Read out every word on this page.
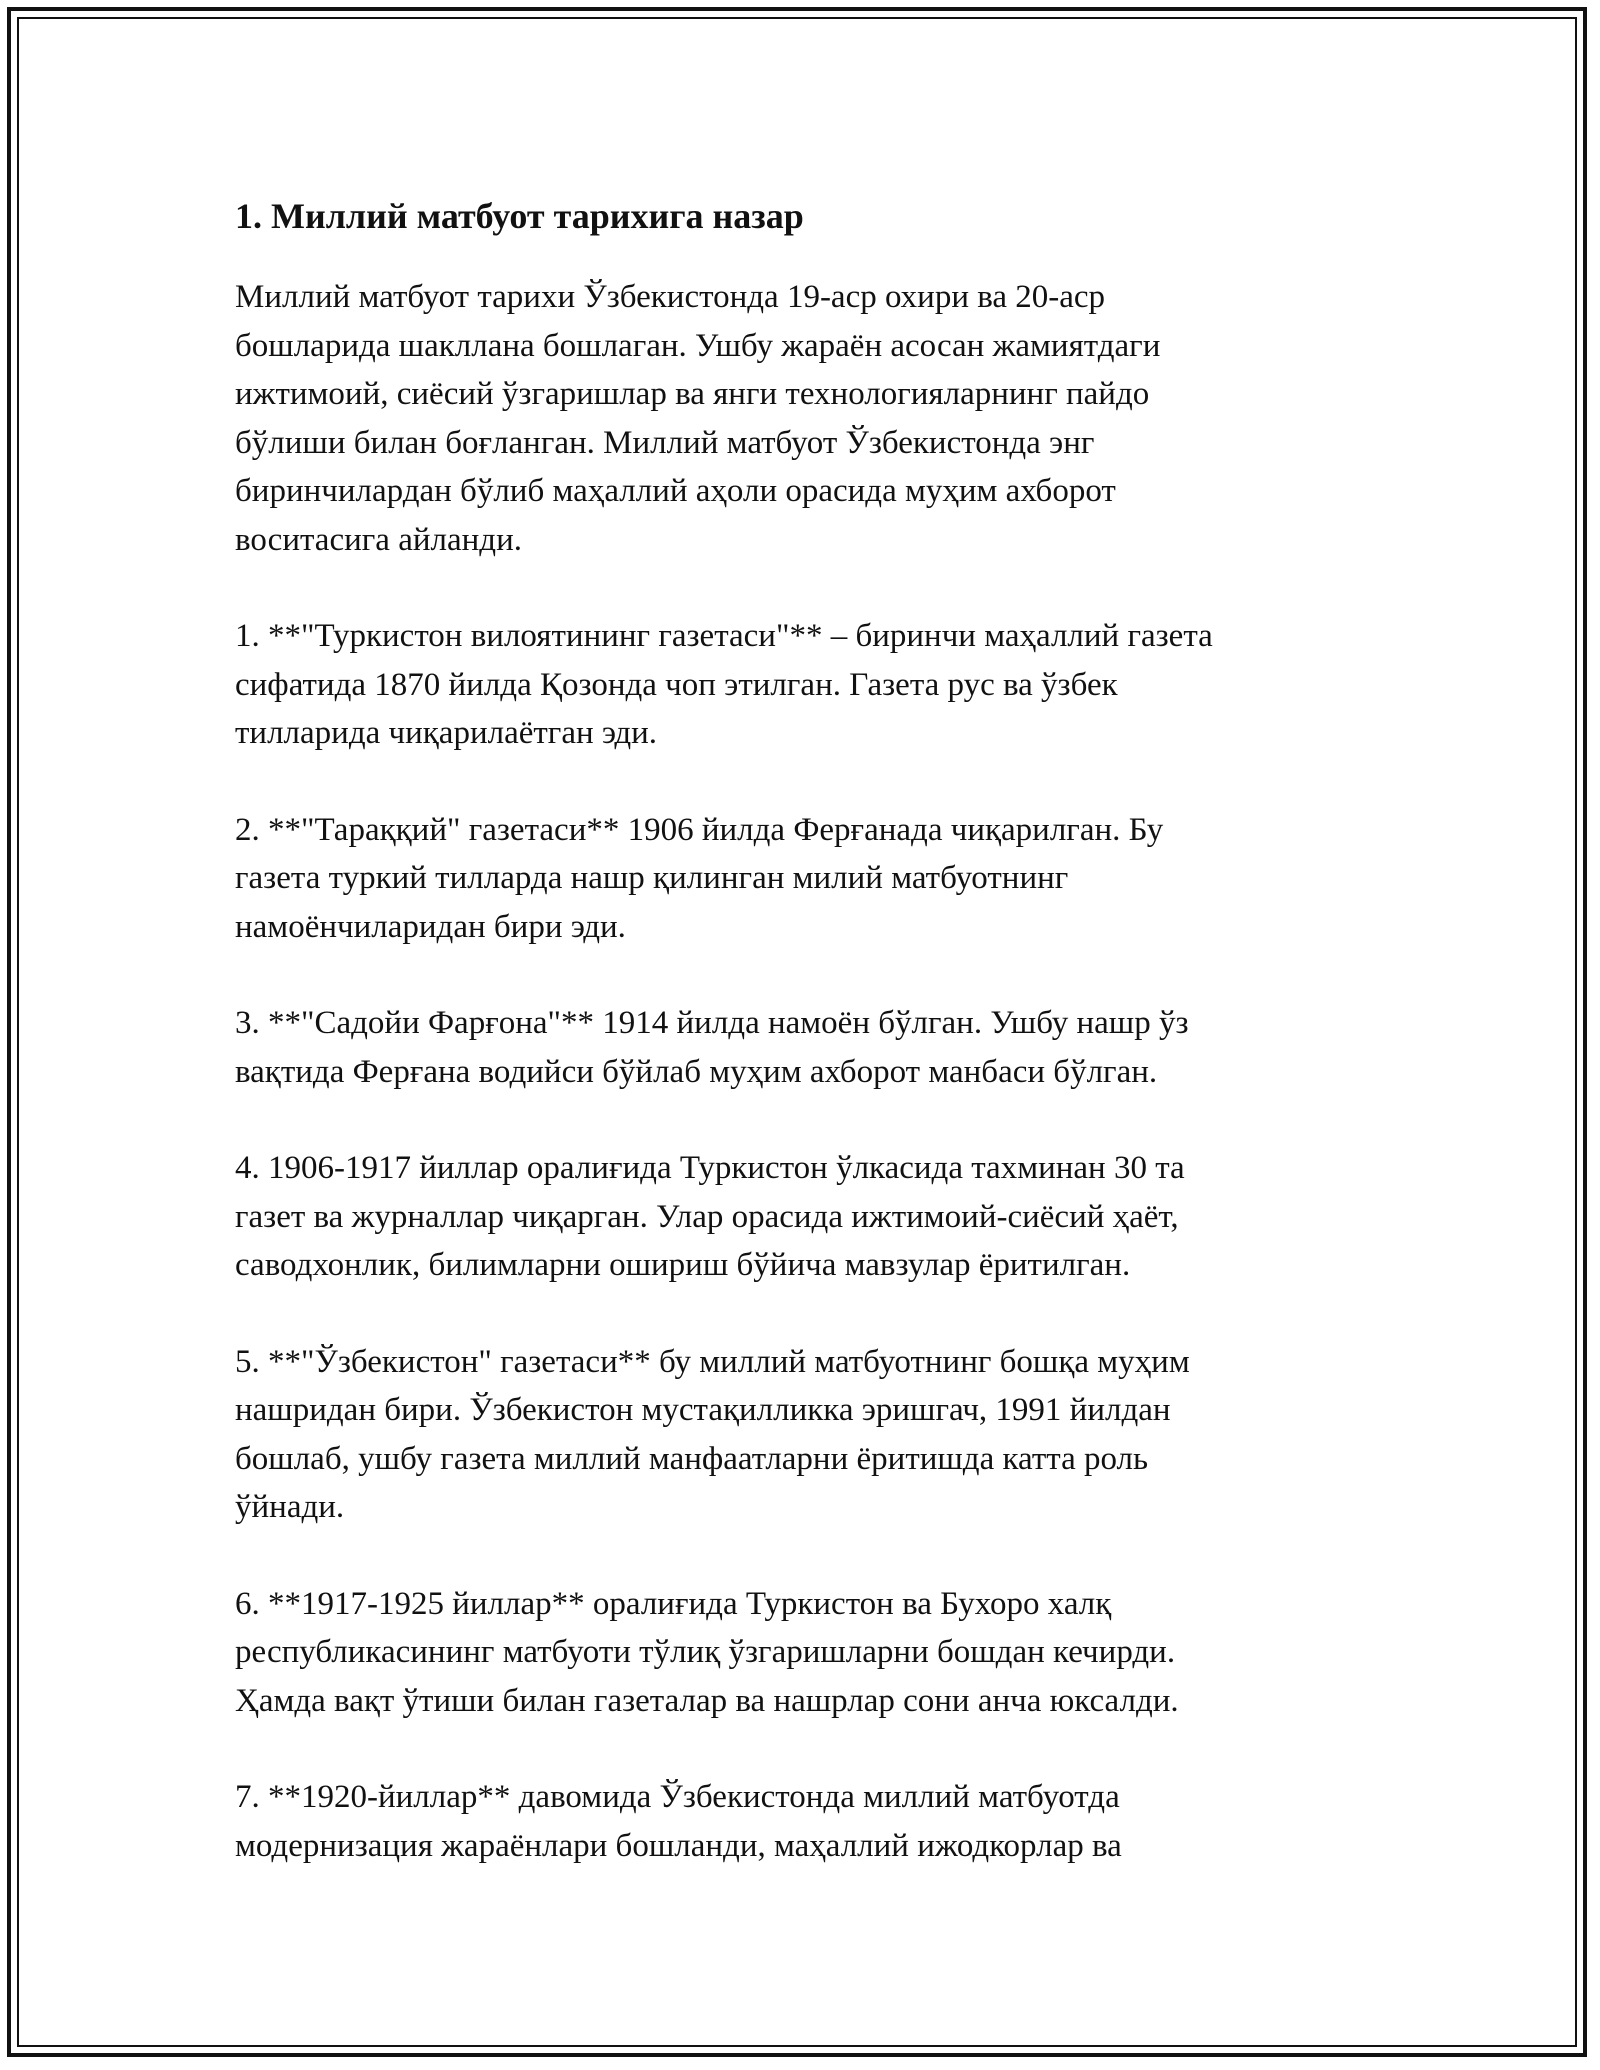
1. Миллий матбуот тарихига назар

Миллий матбуот тарихи Ўзбекистонда 19-аср охири ва 20-аср
бошларида шакллана бошлаган. Ушбу жараён асосан жамиятдаги
ижтимоий, сиёсий ўзгаришлар ва янги технологияларнинг пайдо
бўлиши билан боғланган. Миллий матбуот Ўзбекистонда энг
биринчилардан бўлиб маҳаллий аҳоли орасида муҳим ахборот
воситасига айланди.

1. **"Туркистон вилоятининг газетаси"** – биринчи маҳаллий газета
сифатида 1870 йилда Қозонда чоп этилган. Газета рус ва ўзбек
тилларида чиқарилаётган эди.

2. **"Тараққий" газетаси** 1906 йилда Ферғанада чиқарилган. Бу
газета туркий тилларда нашр қилинган милий матбуотнинг
намоёнчиларидан бири эди.

3. **"Садойи Фарғона"** 1914 йилда намоён бўлган. Ушбу нашр ўз
вақтида Ферғана водийси бўйлаб муҳим ахборот манбаси бўлган.

4. 1906-1917 йиллар оралиғида Туркистон ўлкасида тахминан 30 та
газет ва журналлар чиқарган. Улар орасида ижтимоий-сиёсий ҳаёт,
саводхонлик, билимларни ошириш бўйича мавзулар ёритилган.

5. **"Ўзбекистон" газетаси** бу миллий матбуотнинг бошқа муҳим
нашридан бири. Ўзбекистон мустақилликка эришгач, 1991 йилдан
бошлаб, ушбу газета миллий манфаатларни ёритишда катта роль
ўйнади.

6. **1917-1925 йиллар** оралиғида Туркистон ва Бухоро халқ
республикасининг матбуоти тўлиқ ўзгаришларни бошдан кечирди.
Ҳамда вақт ўтиши билан газеталар ва нашрлар сони анча юксалди.

7. **1920-йиллар** давомида Ўзбекистонда миллий матбуотда
модернизация жараёнлари бошланди, маҳаллий ижодкорлар ва
